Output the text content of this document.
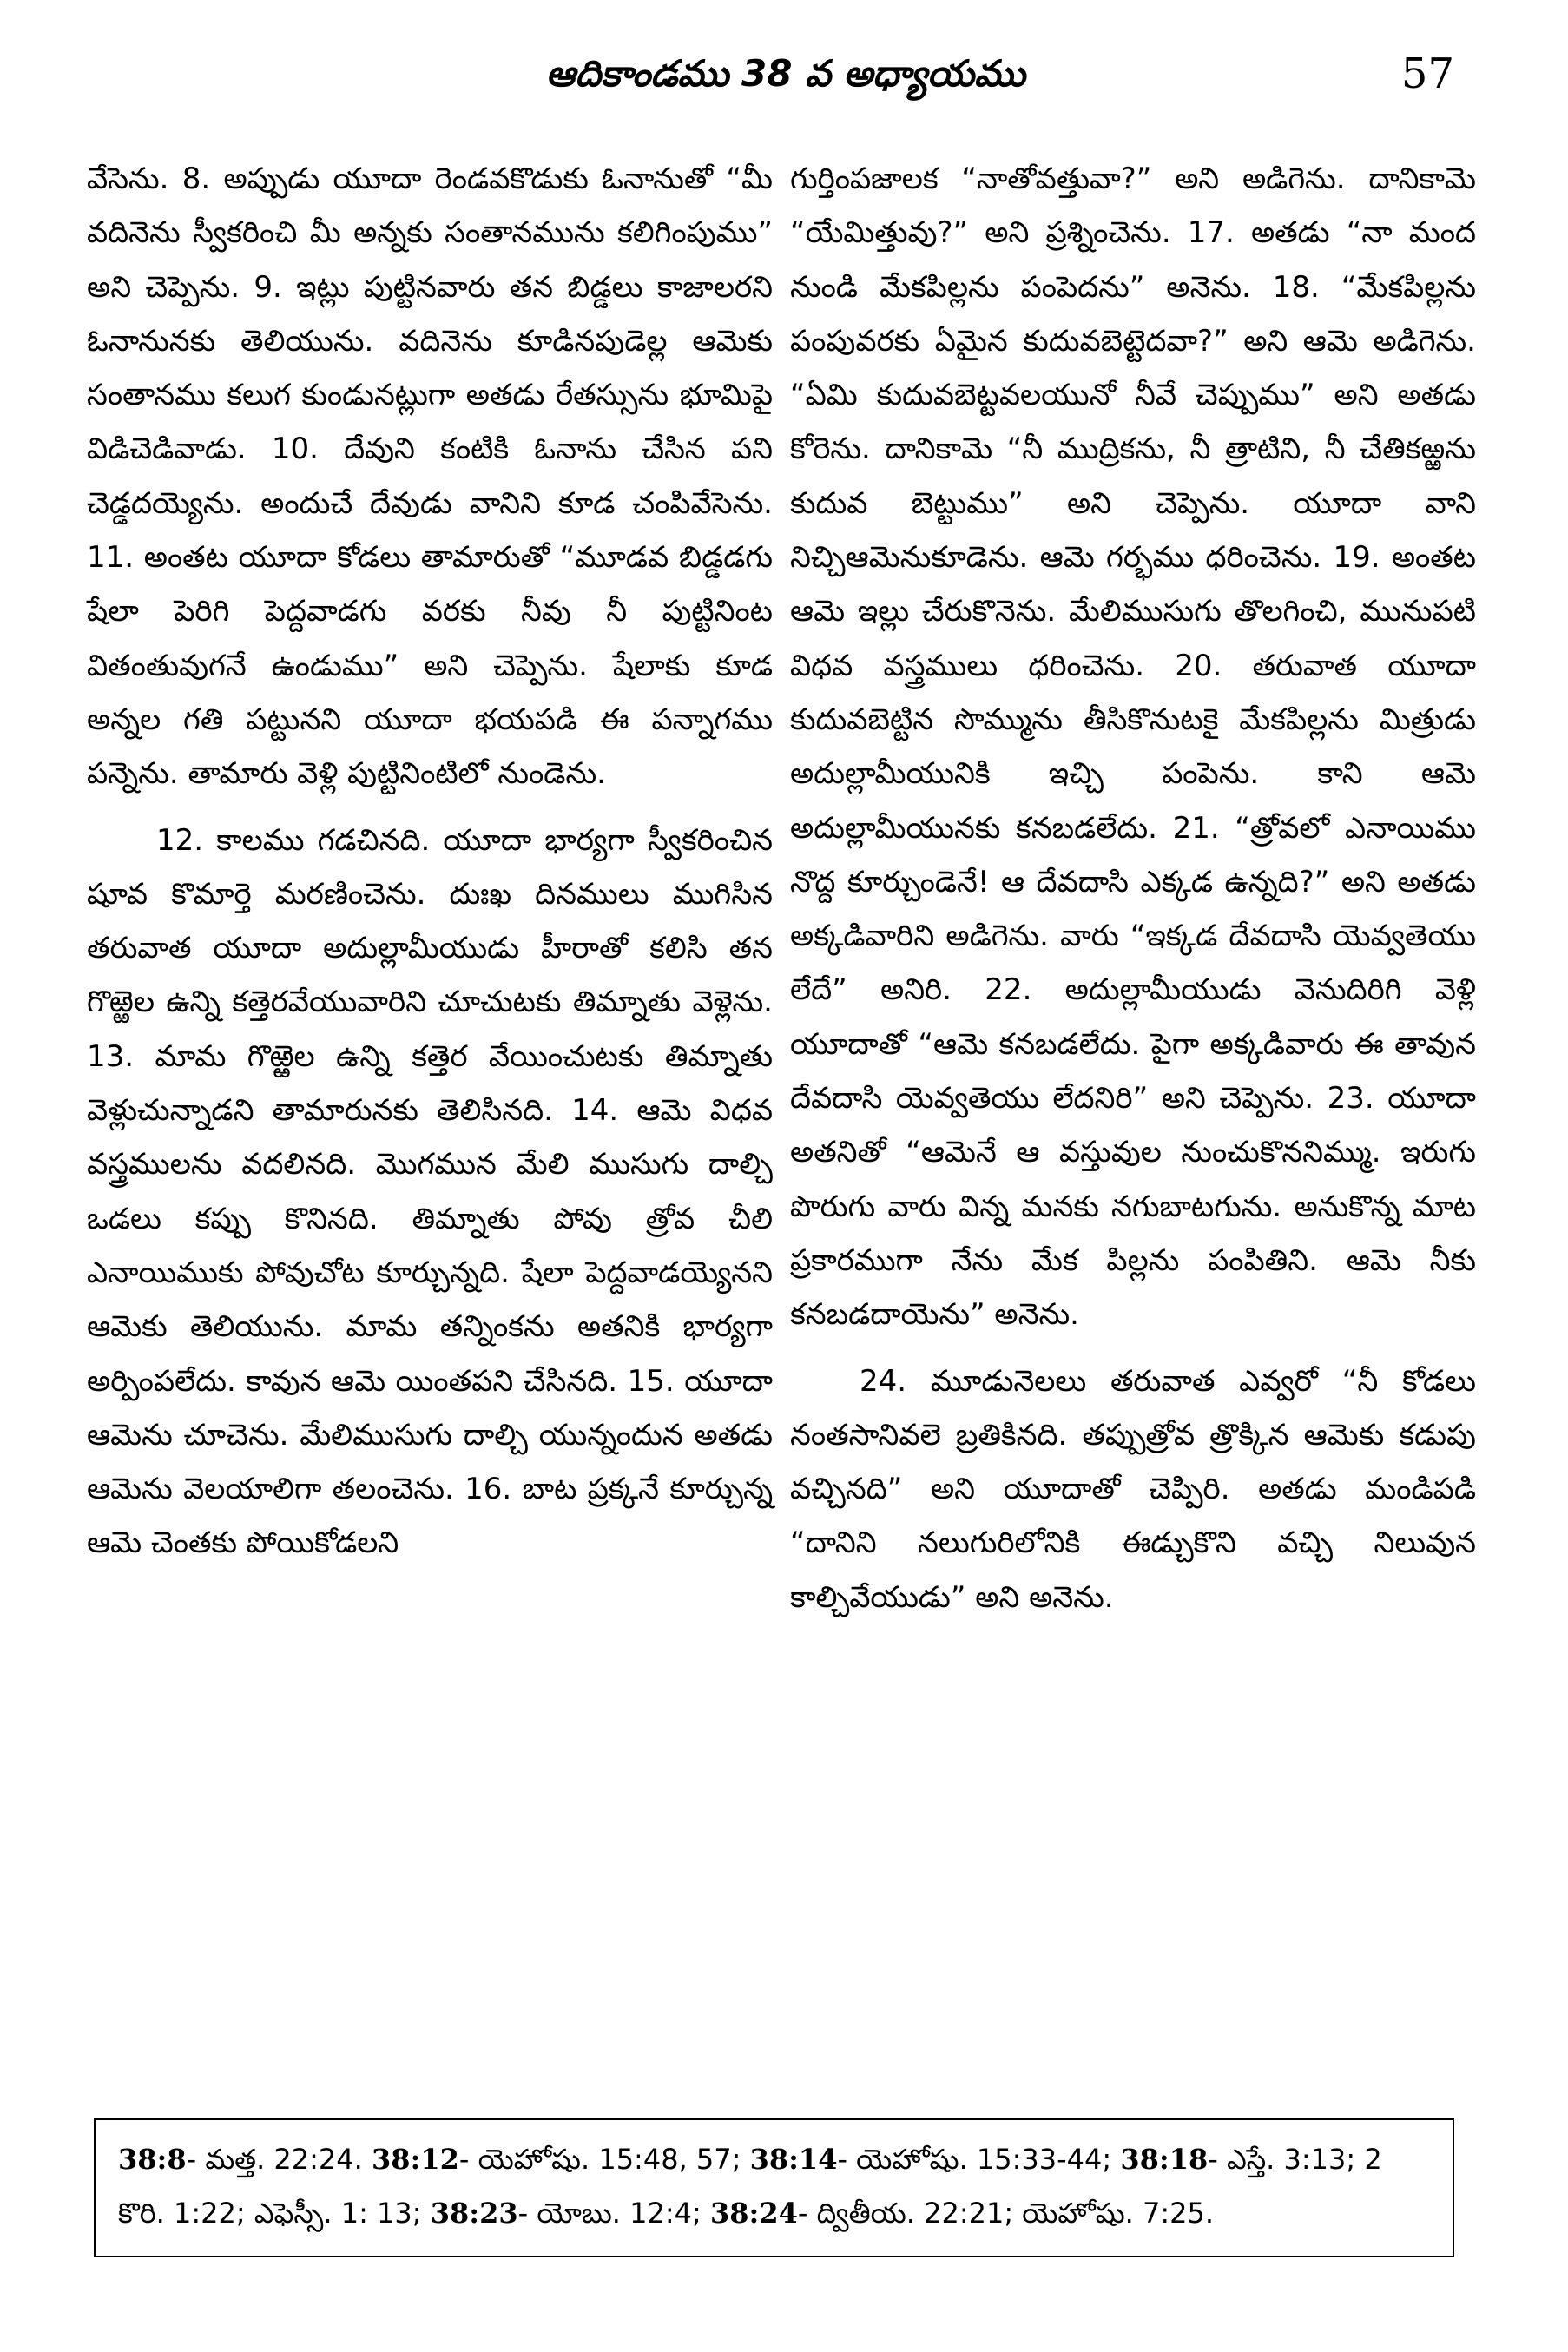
ఆదికాండము 38 వ అధ్యాయము	57

వేసెను. 8. అప్పుడు యూదా రెండవకొడుకు ఓనానుతో “మీ వదినెను స్వీకరించి మీ అన్నకు సంతానమును కలిగింపుము” అని చెప్పెను. 9. ఇట్లు పుట్టినవారు తన బిడ్డలు కాజాలరని ఓనానునకు తెలియును. వదినెను కూడినపుడెల్ల ఆమెకు సంతానము కలుగ కుండునట్లుగా అతడు రేతస్సును భూమిపై విడిచెడివాడు. 10. దేవుని కంటికి ఓనాను చేసిన పని చెడ్డదయ్యెను. అందుచే దేవుడు వానిని కూడ చంపివేసెను. 11. అంతట యూదా కోడలు తామారుతో “మూడవ బిడ్డడగు షేలా పెరిగి పెద్దవాడగు వరకు నీవు నీ పుట్టినింట వితంతువుగనే ఉండుము” అని చెప్పెను. షేలాకు కూడ అన్నల గతి పట్టునని యూదా భయపడి ఈ పన్నాగము పన్నెను. తామారు వెళ్లి పుట్టినింటిలో నుండెను.

12. కాలము గడచినది. యూదా భార్యగా స్వీకరించిన షూవ కొమార్తె మరణించెను. దుఃఖ దినములు ముగిసిన తరువాత యూదా అదుల్లామీయుడు హీరాతో కలిసి తన గొఱ్ఱెల ఉన్ని కత్తెరవేయువారిని చూచుటకు తిమ్నాతు వెళ్లెను. 13. మామ గొఱ్ఱెల ఉన్ని కత్తెర వేయించుటకు తిమ్నాతు వెళ్లుచున్నాడని తామారునకు తెలిసినది. 14. ఆమె విధవ వస్త్రములను వదలినది. మొగమున మేలి ముసుగు దాల్చి ఒడలు కప్పు కొనినది. తిమ్నాతు పోవు త్రోవ చీలి ఎనాయిముకు పోవుచోట కూర్చున్నది. షేలా పెద్దవాడయ్యెనని ఆమెకు తెలియును. మామ తన్నింకను అతనికి భార్యగా అర్పింపలేదు. కావున ఆమె యింతపని చేసినది. 15. యూదా ఆమెను చూచెను. మేలిముసుగు దాల్చి యున్నందున అతడు ఆమెను వెలయాలిగా తలంచెను. 16. బాట ప్రక్కనే కూర్చున్న ఆమె చెంతకు పోయికోడలని

గుర్తింపజాలక “నాతోవత్తువా?” అని అడిగెను. దానికామె “యేమిత్తువు?” అని ప్రశ్నించెను. 17. అతడు “నా మంద నుండి మేకపిల్లను పంపెదను” అనెను. 18. “మేకపిల్లను పంపువరకు ఏమైన కుదువబెట్టెదవా?” అని ఆమె అడిగెను. “ఏమి కుదువబెట్టవలయునో నీవే చెప్పుము” అని అతడు కోరెను. దానికామె “నీ ముద్రికను, నీ త్రాటిని, నీ చేతికఱ్ఱను కుదువ బెట్టుము” అని చెప్పెను. యూదా వాని నిచ్చిఆమెనుకూడెను. ఆమె గర్భము ధరించెను. 19. అంతట ఆమె ఇల్లు చేరుకొనెను. మేలిముసుగు తొలగించి, మునుపటి విధవ వస్త్రములు ధరించెను. 20. తరువాత యూదా కుదువబెట్టిన సొమ్మును తీసికొనుటకై మేకపిల్లను మిత్రుడు అదుల్లామీయునికి ఇచ్చి పంపెను. కాని ఆమె అదుల్లామీయునకు కనబడలేదు. 21. “త్రోవలో ఎనాయిము నొద్ద కూర్చుండెనే! ఆ దేవదాసి ఎక్కడ ఉన్నది?” అని అతడు అక్కడివారిని అడిగెను. వారు “ఇక్కడ దేవదాసి యెవ్వతెయు లేదే” అనిరి. 22. అదుల్లామీయుడు వెనుదిరిగి వెళ్లి యూదాతో “ఆమె కనబడలేదు. పైగా అక్కడివారు ఈ తావున దేవదాసి యెవ్వతెయు లేదనిరి” అని చెప్పెను. 23. యూదా అతనితో “ఆమెనే ఆ వస్తువుల నుంచుకొననిమ్ము. ఇరుగు పొరుగు వారు విన్న మనకు నగుబాటగును. అనుకొన్న మాట ప్రకారముగా నేను మేక పిల్లను పంపితిని. ఆమె నీకు కనబడదాయెను” అనెను.

24. మూడునెలలు తరువాత ఎవ్వరో “నీ కోడలు నంతసానివలె బ్రతికినది. తప్పుత్రోవ త్రొక్కిన ఆమెకు కడుపు వచ్చినది” అని యూదాతో చెప్పిరి. అతడు మండిపడి “దానిని నలుగురిలోనికి ఈడ్చుకొని వచ్చి నిలువున కాల్చివేయుడు” అని అనెను.

38:8- మత్త. 22:24. 38:12- యెహోషు. 15:48, 57; 38:14- యెహోషు. 15:33-44; 38:18- ఎస్తే. 3:13; 2 కొరి. 1:22; ఎఫెస్సీ. 1: 13; 38:23- యోబు. 12:4; 38:24- ద్వితీయ. 22:21; యెహోషు. 7:25.
